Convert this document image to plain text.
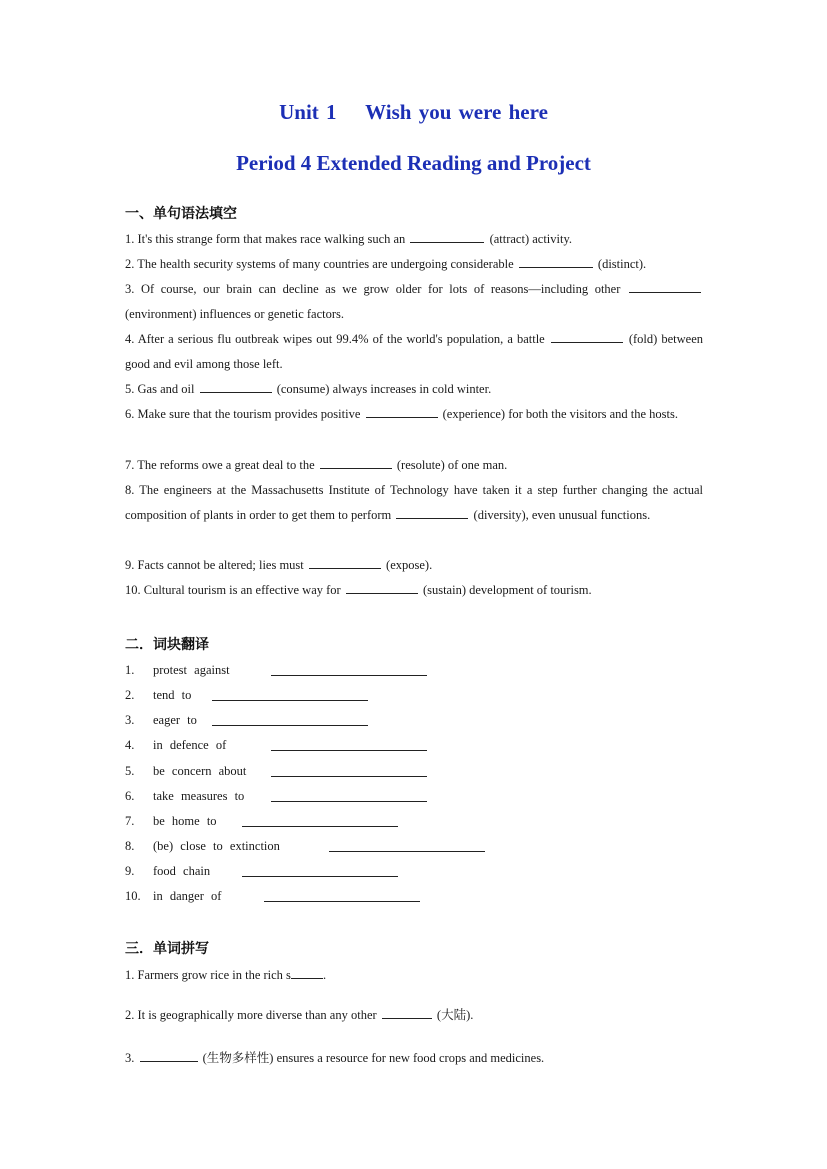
Unit 1    Wish you were here
Period 4 Extended Reading and Project
一、单句语法填空
1. It's this strange form that makes race walking such an	(attract) activity.
2. The health security systems of many countries are undergoing considerable	(distinct).
3. Of course, our brain can decline as we grow older for lots of reasons—including other  (environment) influences or genetic factors.
4. After a serious flu outbreak wipes out 99.4% of the world's population, a battle	(fold) between good and evil among those left.
5. Gas and oil	(consume) always increases in cold winter.
6. Make sure that the tourism provides positive	(experience) for both the visitors and the hosts.
7. The reforms owe a great deal to the	(resolute) of one man.
8. The engineers at the Massachusetts Institute of Technology have taken it a step further changing the actual composition of plants in order to get them to perform	(diversity), even unusual functions.
9. Facts cannot be altered; lies must	(expose).
10. Cultural tourism is an effective way for	(sustain) development of tourism.
二．词块翻译
1.	protest against
2.	tend to
3.	eager to
4.	in defence of
5.	be concern about
6.	take measures to
7.	be home to
8.	(be) close to extinction
9.	food chain
10. in danger of
三．单词拼写
1. Farmers grow rice in the rich s	.
2. It is geographically more diverse than any other	(大陆).
3.	(生物多样性) ensures a resource for new food crops and medicines.
